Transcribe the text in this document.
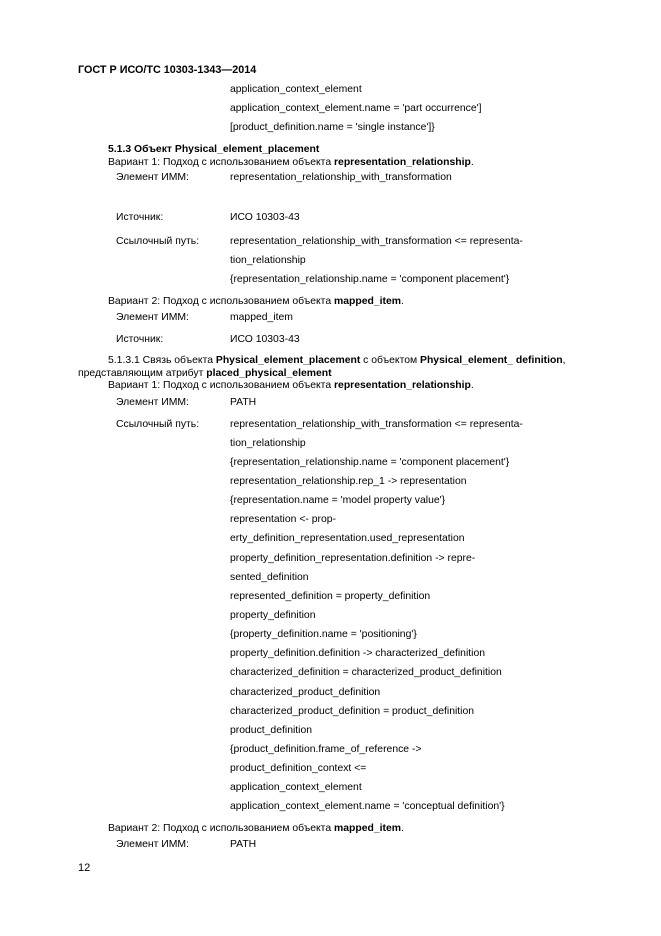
ГОСТ Р ИСО/ТС 10303-1343—2014
application_context_element
application_context_element.name = 'part occurrence']
[product_definition.name = 'single instance']}
5.1.3 Объект Physical_element_placement
Вариант 1: Подход с использованием объекта representation_relationship.
Элемент ИММ:	representation_relationship_with_transformation
Источник:	ИСО 10303-43
Ссылочный путь:	representation_relationship_with_transformation <= representa-
tion_relationship
{representation_relationship.name = 'component placement'}
Вариант 2: Подход с использованием объекта mapped_item.
Элемент ИММ:	mapped_item
Источник:	ИСО 10303-43
5.1.3.1 Связь объекта Physical_element_placement с объектом Physical_element_ definition,
представляющим атрибут placed_physical_element
Вариант 1: Подход с использованием объекта representation_relationship.
Элемент ИММ:	PATH
Ссылочный путь:	representation_relationship_with_transformation <= representa-
tion_relationship
{representation_relationship.name = 'component placement'}
representation_relationship.rep_1 -> representation
{representation.name = 'model property value'}
representation <- prop-
erty_definition_representation.used_representation
property_definition_representation.definition -> repre-
sented_definition
represented_definition = property_definition
property_definition
{property_definition.name = 'positioning'}
property_definition.definition -> characterized_definition
characterized_definition = characterized_product_definition
characterized_product_definition
characterized_product_definition = product_definition
product_definition
{product_definition.frame_of_reference ->
product_definition_context <=
application_context_element
application_context_element.name = 'conceptual definition'}
Вариант 2: Подход с использованием объекта mapped_item.
Элемент ИММ:	PATH
12
